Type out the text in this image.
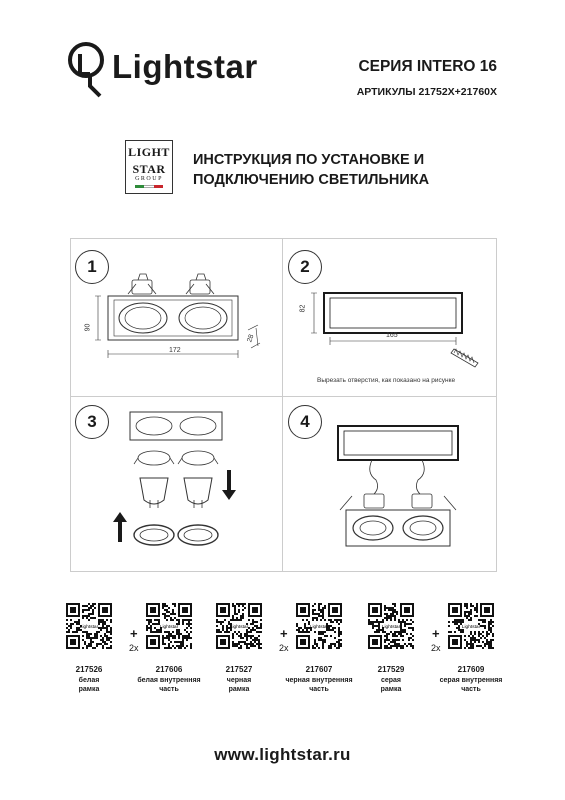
Lightstar	СЕРИЯ INTERO 16
АРТИКУЛЫ 21752X+21760X
LIGHT
STAR
GROUP
ИНСТРУКЦИЯ ПО УСТАНОВКЕ И
ПОДКЛЮЧЕНИЮ СВЕТИЛЬНИКА
1
90
172
28
2
82
165
Вырезать отверстия, как показано на рисунке
3	4
Lightstar
217526
белая
рамка
Lightstar
217606
белая внутренняя
часть
+
2x
Lightstar
217527
черная
рамка
Lightstar
217607
черная внутренняя
часть
+
2x
Lightstar
217529
серая
рамка
Lightstar
217609
серая внутренняя
часть
+
2x
www.lightstar.ru
